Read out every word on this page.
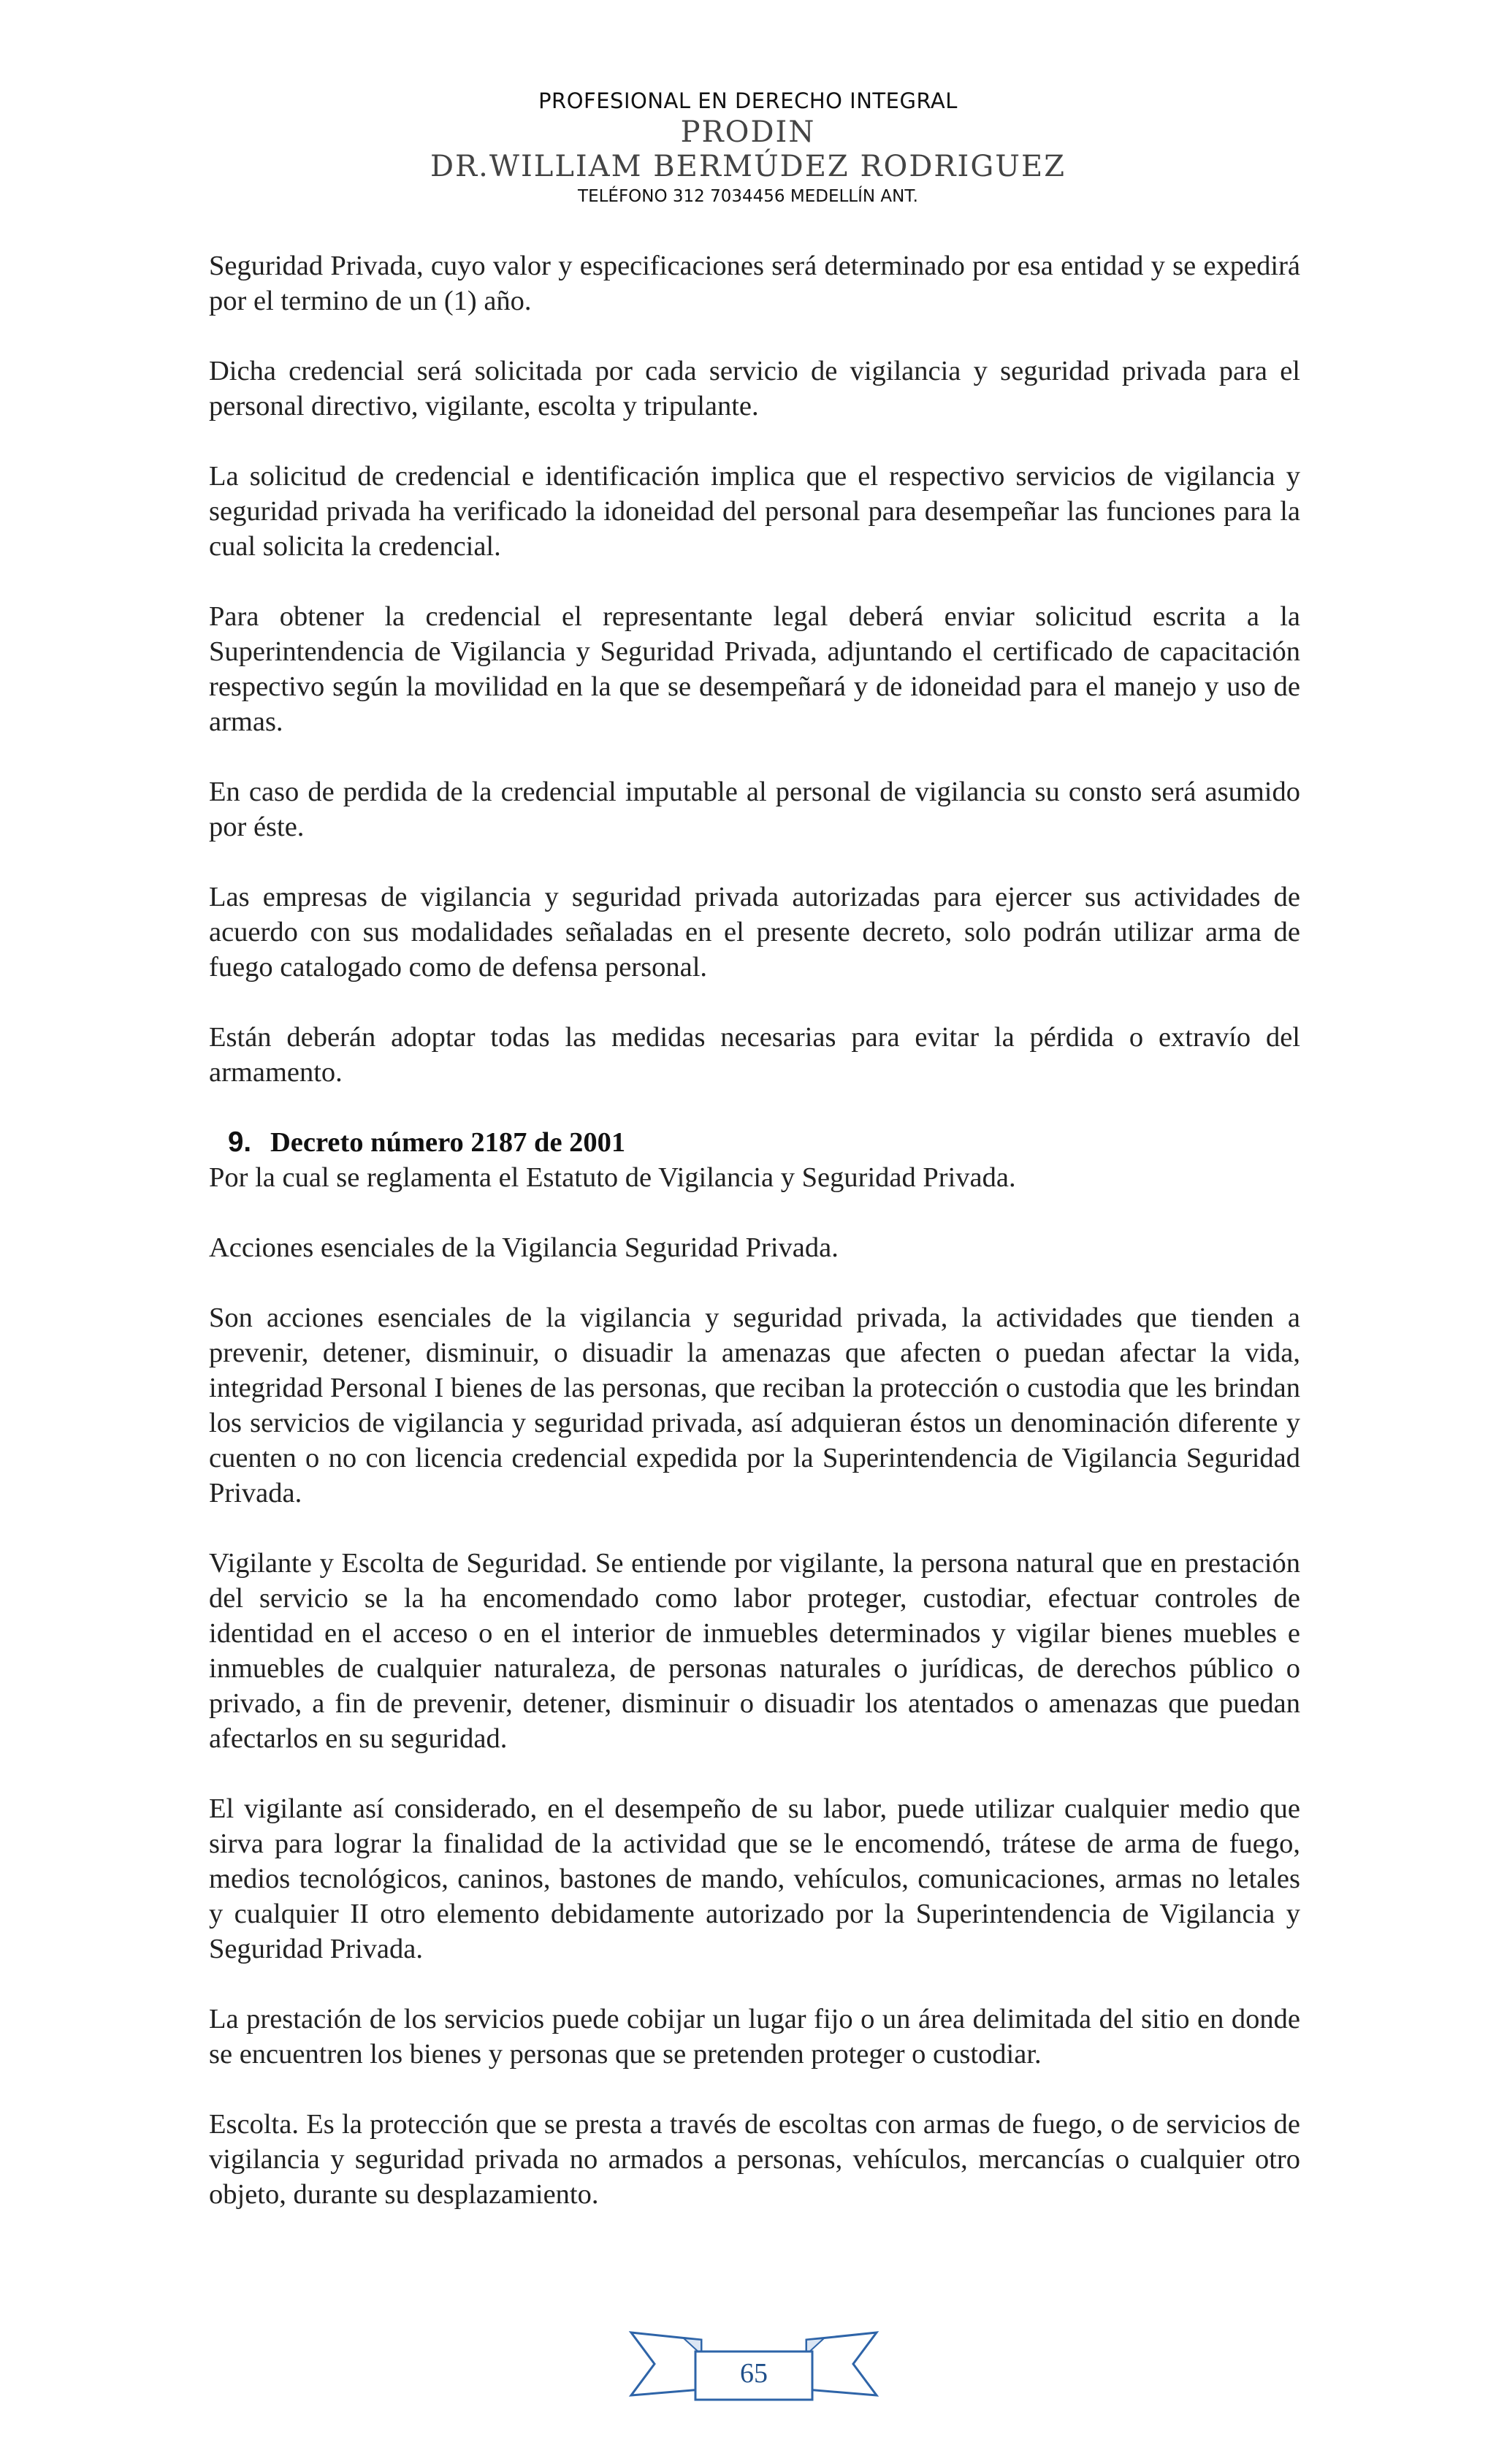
PROFESIONAL EN DERECHO INTEGRAL
PRODIN
DR.WILLIAM BERMÚDEZ RODRIGUEZ
TELÉFONO 312 7034456 MEDELLÍN ANT.

Seguridad Privada, cuyo valor y especificaciones será determinado por esa entidad y se expedirá por el termino de un (1) año.

Dicha credencial será solicitada por cada servicio de vigilancia y seguridad privada para el personal directivo, vigilante, escolta y tripulante.

La solicitud de credencial e identificación implica que el respectivo servicios de vigilancia y seguridad privada ha verificado la idoneidad del personal para desempeñar las funciones para la cual solicita la credencial.

Para obtener la credencial el representante legal deberá enviar solicitud escrita a la Superintendencia de Vigilancia y Seguridad Privada, adjuntando el certificado de capacitación respectivo según la movilidad en la que se desempeñará y de idoneidad para el manejo y uso de armas.

En caso de perdida de la credencial imputable al personal de vigilancia su consto será asumido por éste.

Las empresas de vigilancia y seguridad privada autorizadas para ejercer sus actividades de acuerdo con sus modalidades señaladas en el presente decreto, solo podrán utilizar arma de fuego catalogado como de defensa personal.

Están deberán adoptar todas las medidas necesarias para evitar la pérdida o extravío del armamento.

9. Decreto número 2187 de 2001

Por la cual se reglamenta el Estatuto de Vigilancia y Seguridad Privada.

Acciones esenciales de la Vigilancia Seguridad Privada.

Son acciones esenciales de la vigilancia y seguridad privada, la actividades que tienden a prevenir, detener, disminuir, o disuadir la amenazas que afecten o puedan afectar la vida, integridad Personal I bienes de las personas, que reciban la protección o custodia que les brindan los servicios de vigilancia y seguridad privada, así adquieran éstos un denominación diferente y cuenten o no con licencia credencial expedida por la Superintendencia de Vigilancia Seguridad Privada.

Vigilante y Escolta de Seguridad. Se entiende por vigilante, la persona natural que en prestación del servicio se la ha encomendado como labor proteger, custodiar, efectuar controles de identidad en el acceso o en el interior de inmuebles determinados y vigilar bienes muebles e inmuebles de cualquier naturaleza, de personas naturales o jurídicas, de derechos público o privado, a fin de prevenir, detener, disminuir o disuadir los atentados o amenazas que puedan afectarlos en su seguridad.

El vigilante así considerado, en el desempeño de su labor, puede utilizar cualquier medio que sirva para lograr la finalidad de la actividad que se le encomendó, trátese de arma de fuego, medios tecnológicos, caninos, bastones de mando, vehículos, comunicaciones, armas no letales y cualquier II otro elemento debidamente autorizado por la Superintendencia de Vigilancia y Seguridad Privada.

La prestación de los servicios puede cobijar un lugar fijo o un área delimitada del sitio en donde se encuentren los bienes y personas que se pretenden proteger o custodiar.

Escolta. Es la protección que se presta a través de escoltas con armas de fuego, o de servicios de vigilancia y seguridad privada no armados a personas, vehículos, mercancías o cualquier otro objeto, durante su desplazamiento.

65
